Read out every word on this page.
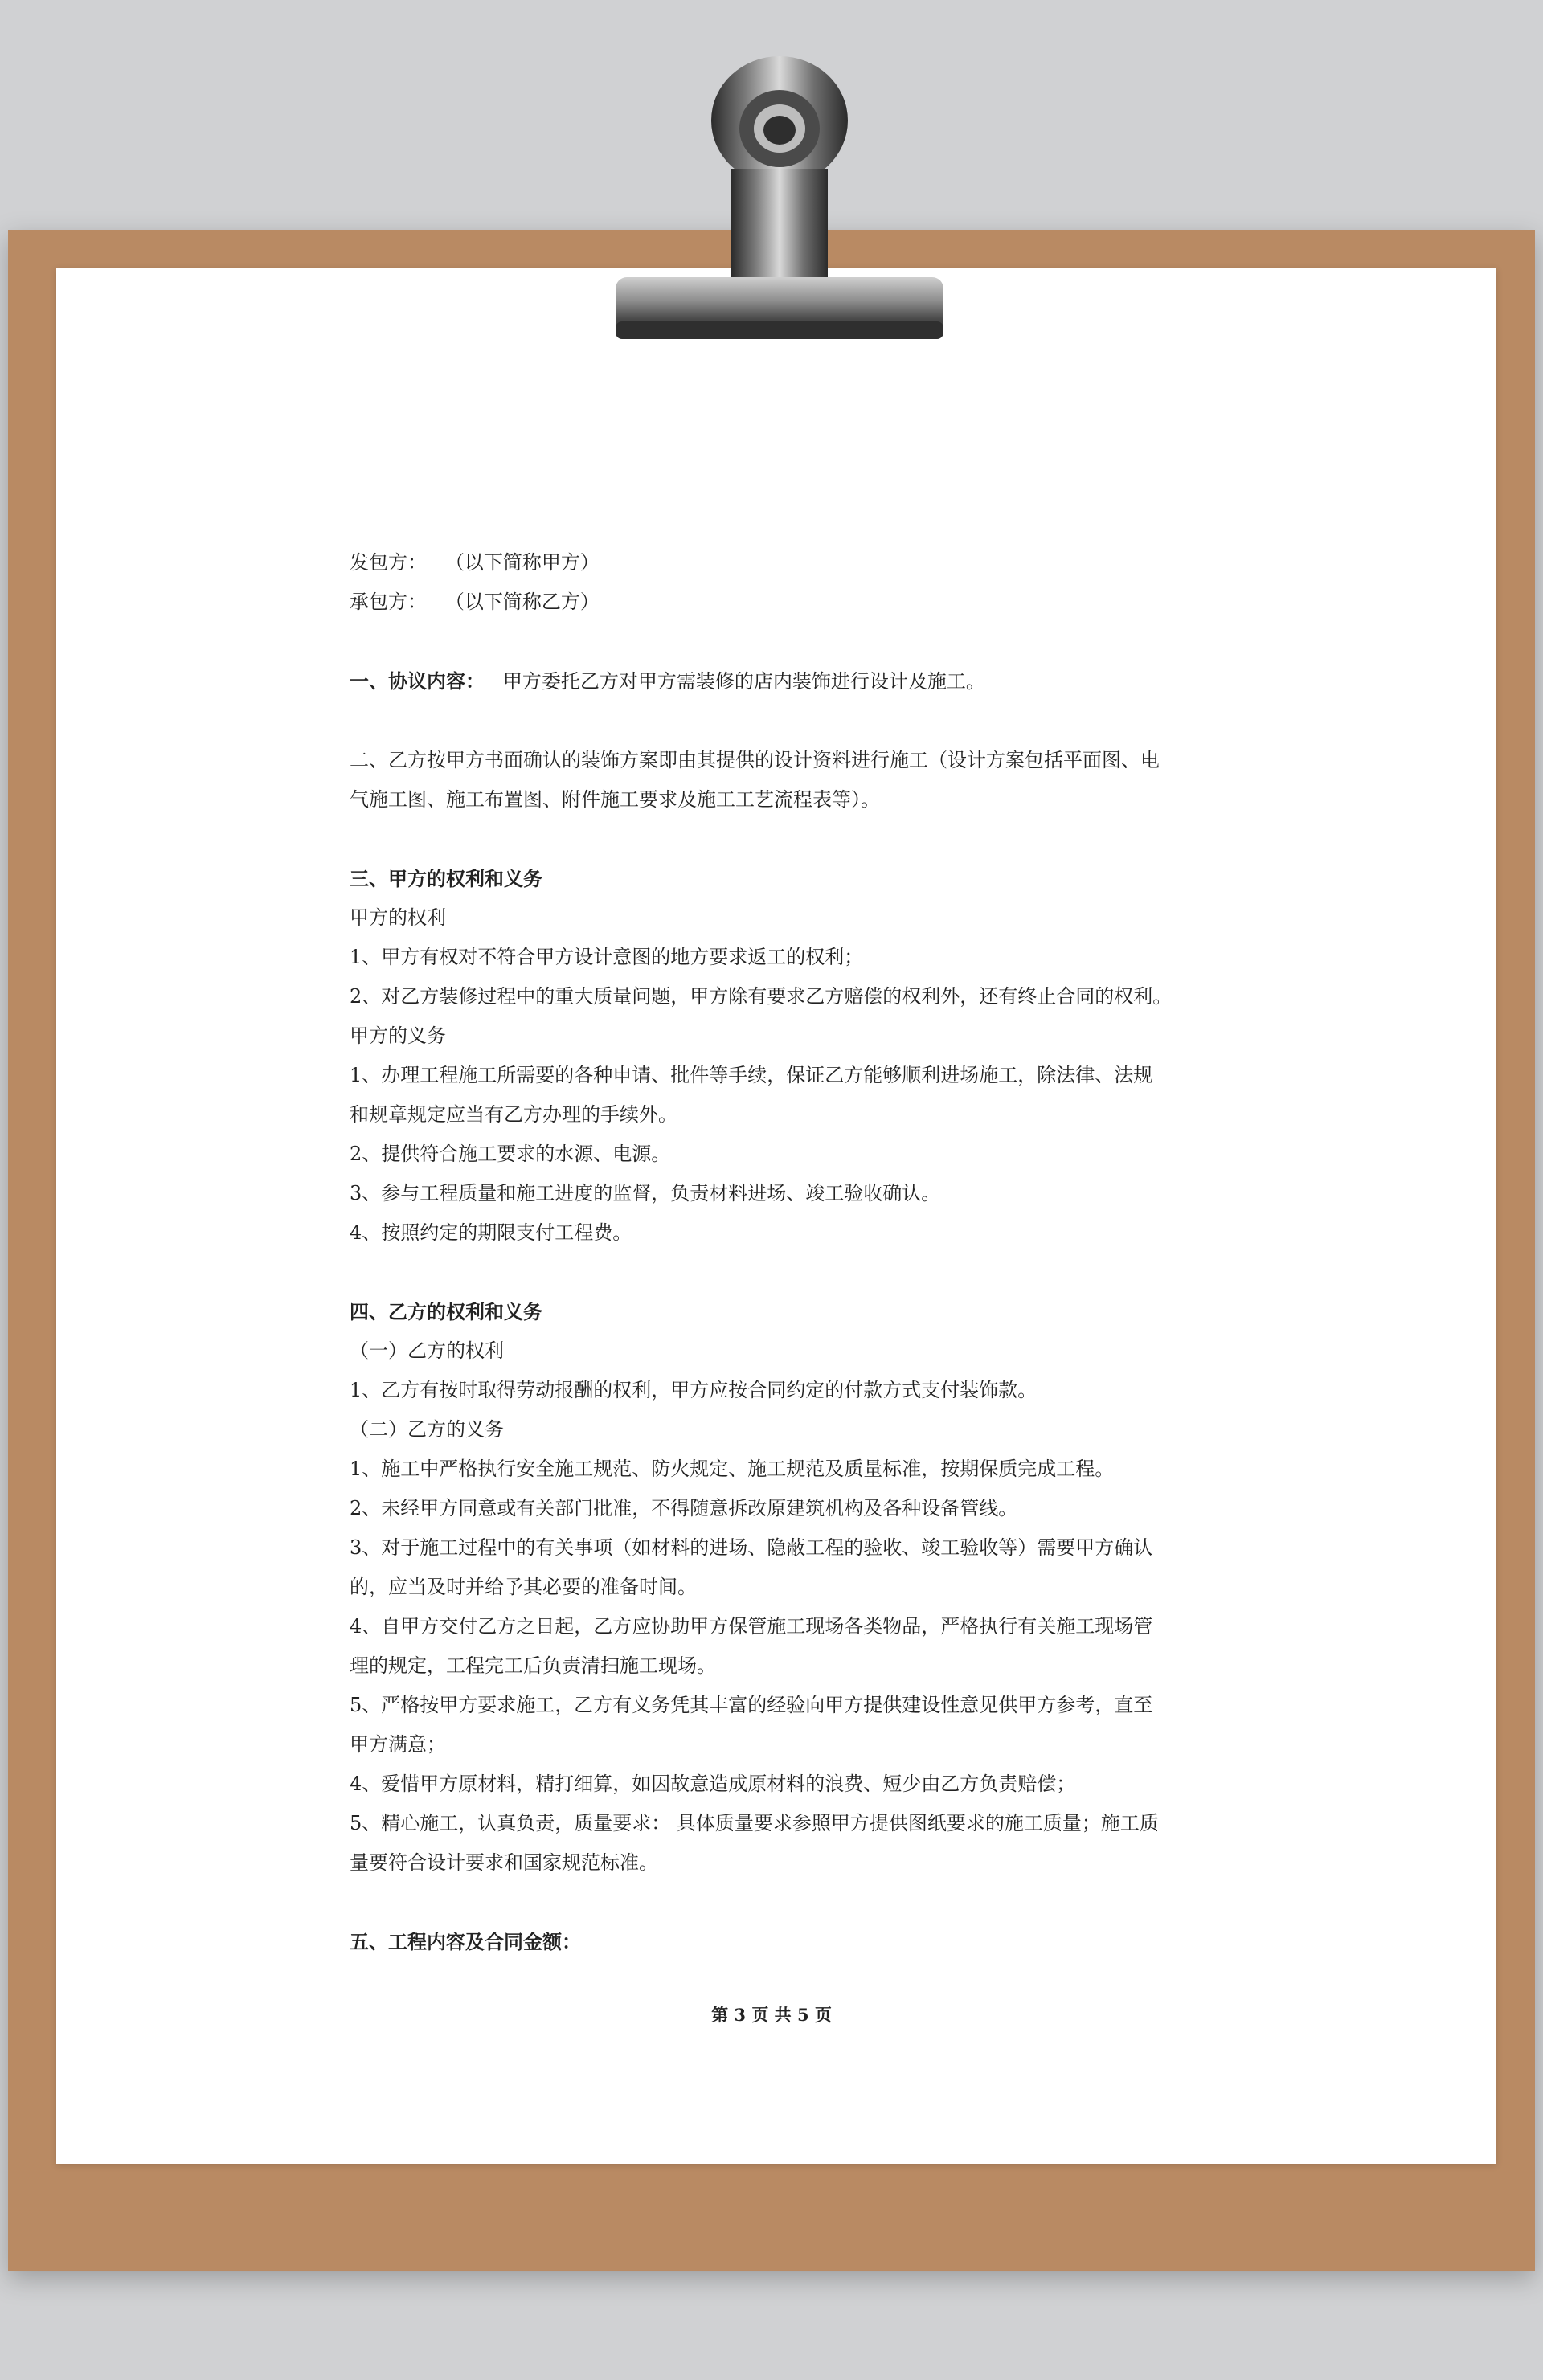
发包方： （以下简称甲方）
承包方： （以下简称乙方）
一、协议内容： 甲方委托乙方对甲方需装修的店内装饰进行设计及施工。
二、乙方按甲方书面确认的装饰方案即由其提供的设计资料进行施工（设计方案包括平面图、电
气施工图、施工布置图、附件施工要求及施工工艺流程表等）。
三、甲方的权利和义务
甲方的权利
1、甲方有权对不符合甲方设计意图的地方要求返工的权利；
2、对乙方装修过程中的重大质量问题，甲方除有要求乙方赔偿的权利外，还有终止合同的权利。
甲方的义务
1、办理工程施工所需要的各种申请、批件等手续，保证乙方能够顺利进场施工，除法律、法规
和规章规定应当有乙方办理的手续外。
2、提供符合施工要求的水源、电源。
3、参与工程质量和施工进度的监督，负责材料进场、竣工验收确认。
4、按照约定的期限支付工程费。
四、乙方的权利和义务
（一）乙方的权利
1、乙方有按时取得劳动报酬的权利，甲方应按合同约定的付款方式支付装饰款。
（二）乙方的义务
1、施工中严格执行安全施工规范、防火规定、施工规范及质量标准，按期保质完成工程。
2、未经甲方同意或有关部门批准，不得随意拆改原建筑机构及各种设备管线。
3、对于施工过程中的有关事项（如材料的进场、隐蔽工程的验收、竣工验收等）需要甲方确认
的，应当及时并给予其必要的准备时间。
4、自甲方交付乙方之日起，乙方应协助甲方保管施工现场各类物品，严格执行有关施工现场管
理的规定，工程完工后负责清扫施工现场。
5、严格按甲方要求施工，乙方有义务凭其丰富的经验向甲方提供建设性意见供甲方参考，直至
甲方满意；
4、爱惜甲方原材料，精打细算，如因故意造成原材料的浪费、短少由乙方负责赔偿；
5、精心施工，认真负责，质量要求： 具体质量要求参照甲方提供图纸要求的施工质量；施工质
量要符合设计要求和国家规范标准。
五、工程内容及合同金额：
第 3 页 共 5 页
